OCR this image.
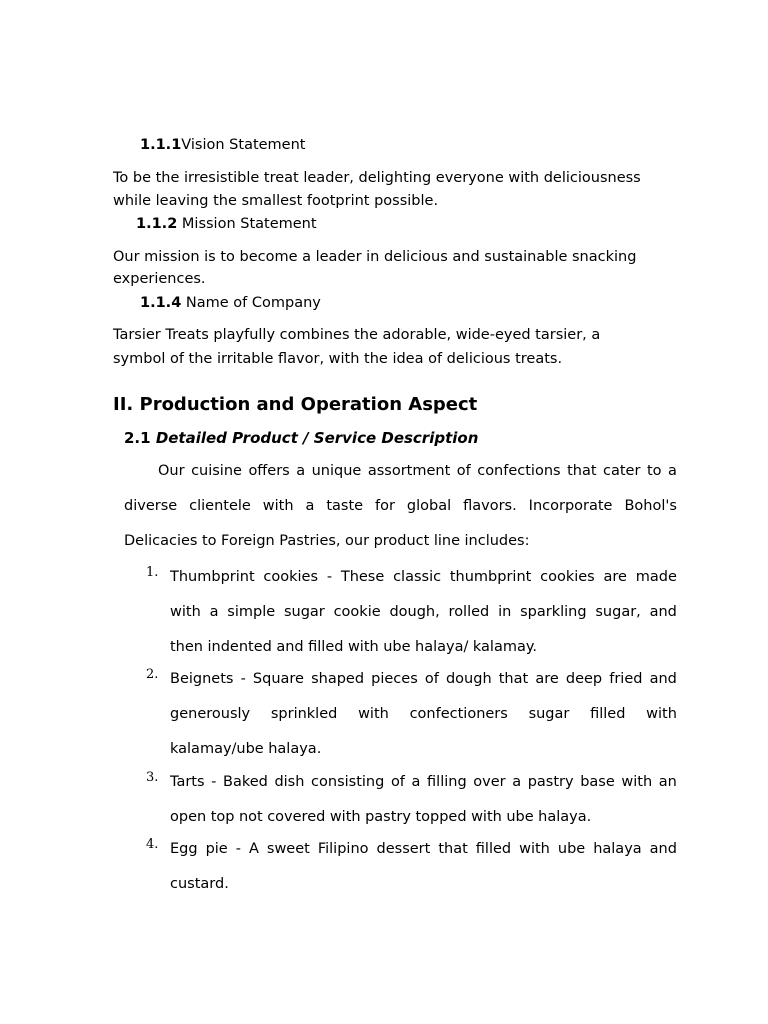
1.1.1Vision Statement
To be the irresistible treat leader, delighting everyone with deliciousness
while leaving the smallest footprint possible.
1.1.2 Mission Statement
Our mission is to become a leader in delicious and sustainable snacking
experiences.
1.1.4 Name of Company
Tarsier Treats playfully combines the adorable, wide-eyed tarsier, a
symbol of the irritable flavor, with the idea of delicious treats.
II. Production and Operation Aspect
2.1 Detailed Product / Service Description
Our cuisine offers a unique assortment of confections that cater to a
diverse clientele with a taste for global flavors. Incorporate Bohol's
Delicacies to Foreign Pastries, our product line includes:
1. Thumbprint cookies - These classic thumbprint cookies are made
with a simple sugar cookie dough, rolled in sparkling sugar, and
then indented and filled with ube halaya/ kalamay.
2. Beignets - Square shaped pieces of dough that are deep fried and
generously sprinkled with confectioners sugar filled with
kalamay/ube halaya.
3. Tarts - Baked dish consisting of a filling over a pastry base with an
open top not covered with pastry topped with ube halaya.
4. Egg pie - A sweet Filipino dessert that filled with ube halaya and
custard.
